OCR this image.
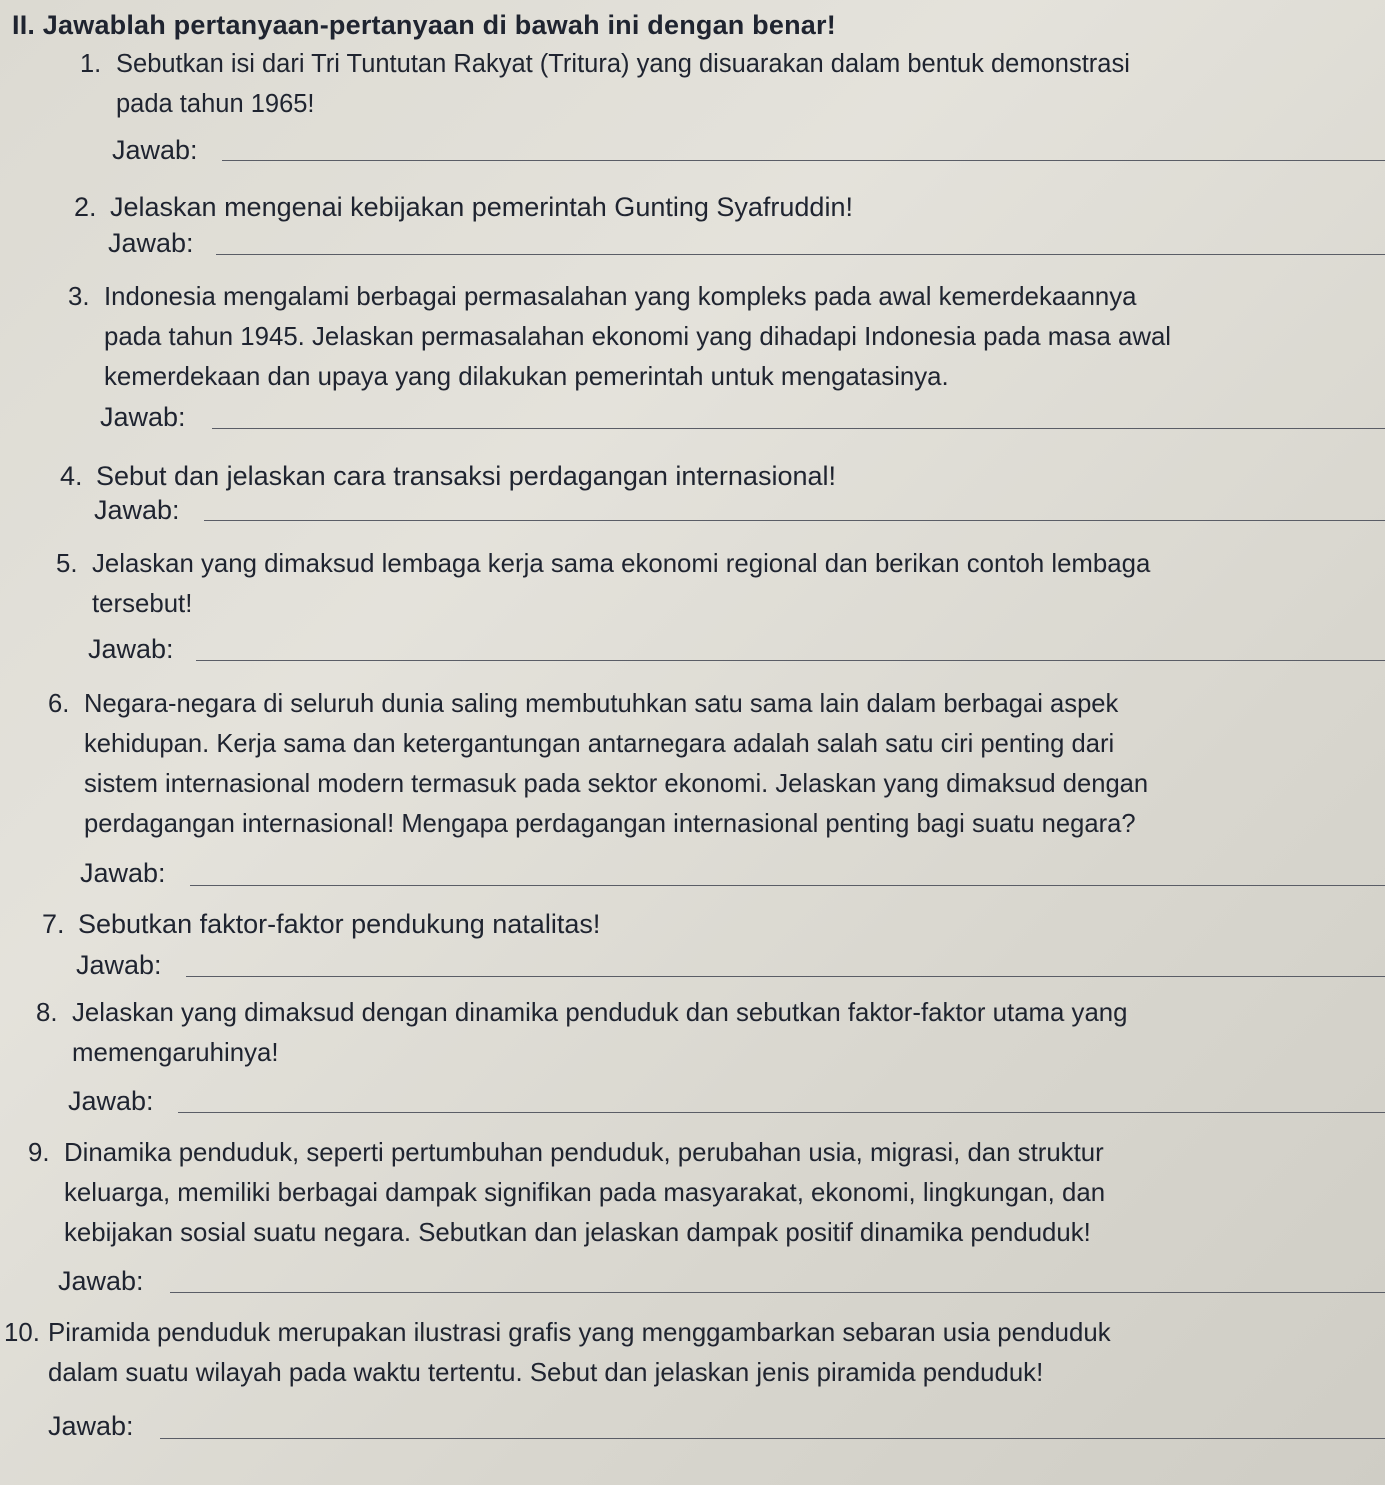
II. Jawablah pertanyaan-pertanyaan di bawah ini dengan benar!
1. Sebutkan isi dari Tri Tuntutan Rakyat (Tritura) yang disuarakan dalam bentuk demonstrasi
pada tahun 1965!
Jawab:
2. Jelaskan mengenai kebijakan pemerintah Gunting Syafruddin!
Jawab:
3. Indonesia mengalami berbagai permasalahan yang kompleks pada awal kemerdekaannya
pada tahun 1945. Jelaskan permasalahan ekonomi yang dihadapi Indonesia pada masa awal
kemerdekaan dan upaya yang dilakukan pemerintah untuk mengatasinya.
Jawab:
4. Sebut dan jelaskan cara transaksi perdagangan internasional!
Jawab:
5. Jelaskan yang dimaksud lembaga kerja sama ekonomi regional dan berikan contoh lembaga
tersebut!
Jawab:
6. Negara-negara di seluruh dunia saling membutuhkan satu sama lain dalam berbagai aspek
kehidupan. Kerja sama dan ketergantungan antarnegara adalah salah satu ciri penting dari
sistem internasional modern termasuk pada sektor ekonomi. Jelaskan yang dimaksud dengan
perdagangan internasional! Mengapa perdagangan internasional penting bagi suatu negara?
Jawab:
7. Sebutkan faktor-faktor pendukung natalitas!
Jawab:
8. Jelaskan yang dimaksud dengan dinamika penduduk dan sebutkan faktor-faktor utama yang
memengaruhinya!
Jawab:
9. Dinamika penduduk, seperti pertumbuhan penduduk, perubahan usia, migrasi, dan struktur
keluarga, memiliki berbagai dampak signifikan pada masyarakat, ekonomi, lingkungan, dan
kebijakan sosial suatu negara. Sebutkan dan jelaskan dampak positif dinamika penduduk!
Jawab:
10. Piramida penduduk merupakan ilustrasi grafis yang menggambarkan sebaran usia penduduk
dalam suatu wilayah pada waktu tertentu. Sebut dan jelaskan jenis piramida penduduk!
Jawab:
